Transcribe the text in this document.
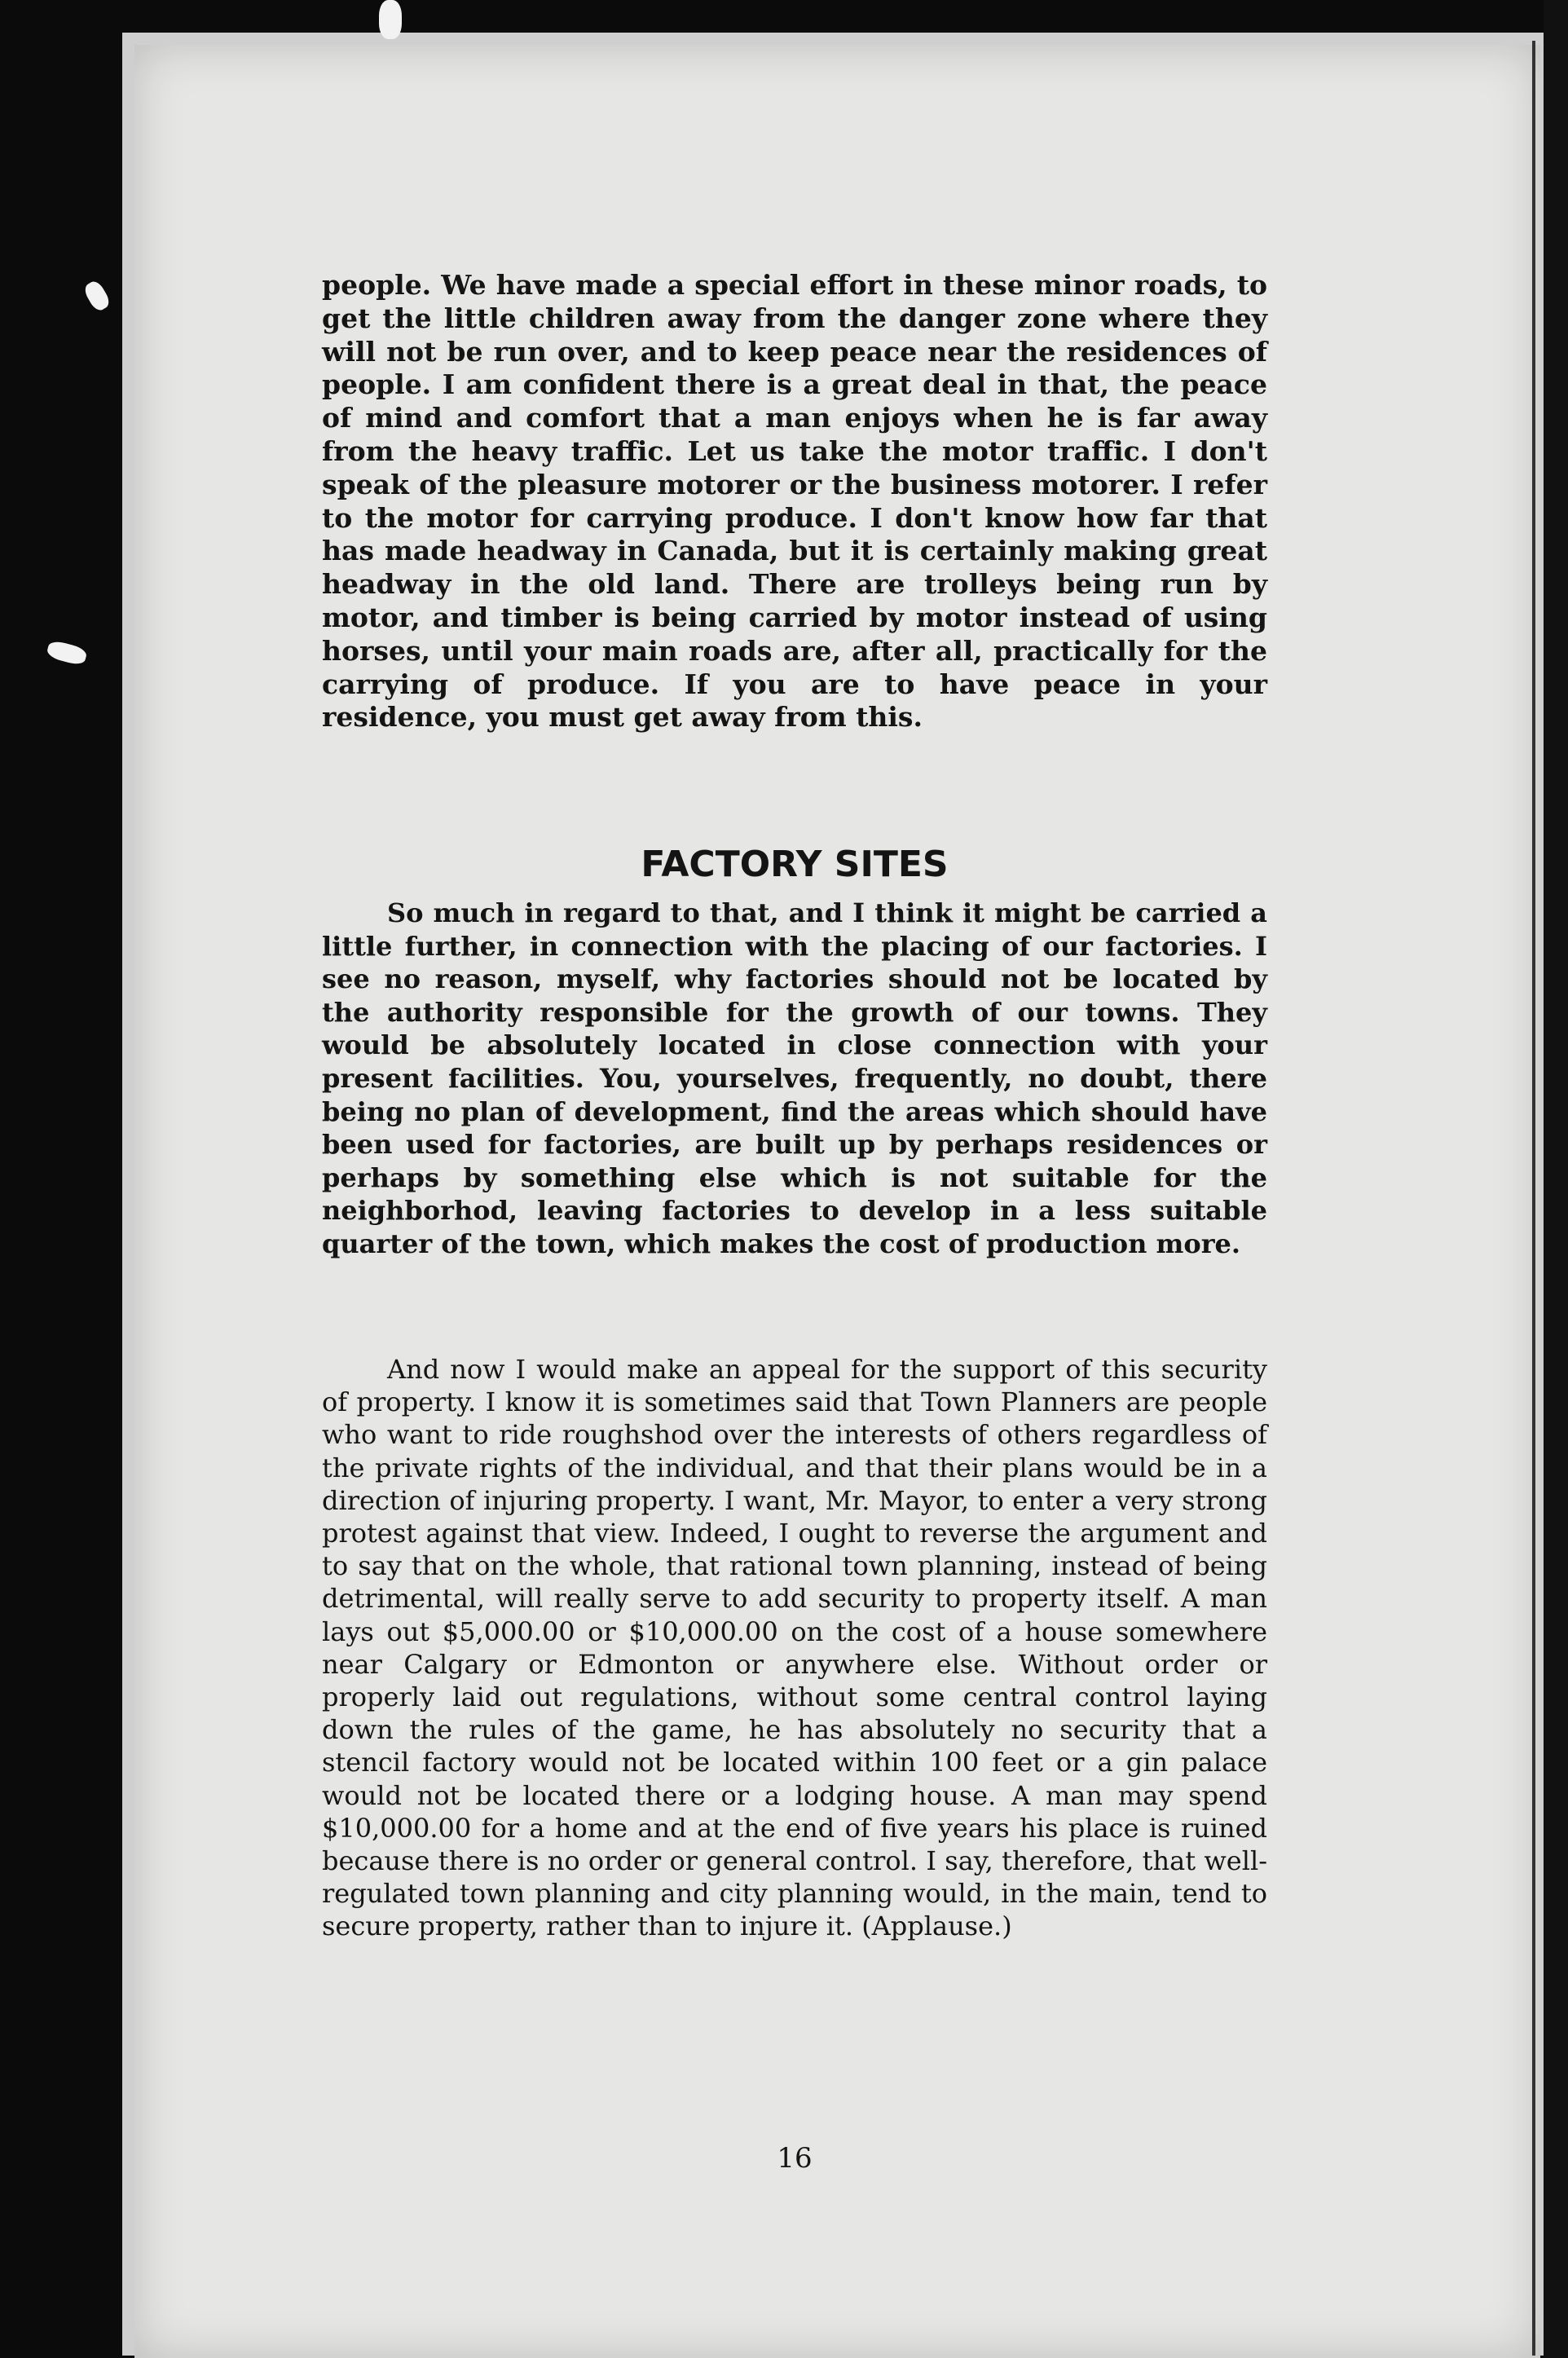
people. We have made a special effort in these minor roads, to get the little children away from the danger zone where they will not be run over, and to keep peace near the residences of people. I am confident there is a great deal in that, the peace of mind and comfort that a man enjoys when he is far away from the heavy traffic. Let us take the motor traffic. I don't speak of the pleasure motorer or the business motorer. I refer to the motor for carrying produce. I don't know how far that has made headway in Canada, but it is certainly making great headway in the old land. There are trolleys being run by motor, and timber is being carried by motor instead of using horses, until your main roads are, after all, practically for the carrying of produce. If you are to have peace in your residence, you must get away from this.

FACTORY SITES

So much in regard to that, and I think it might be carried a little further, in connection with the placing of our factories. I see no reason, myself, why factories should not be located by the authority responsible for the growth of our towns. They would be absolutely located in close connection with your present facilities. You, yourselves, frequently, no doubt, there being no plan of development, find the areas which should have been used for factories, are built up by perhaps residences or perhaps by something else which is not suitable for the neighborhod, leaving factories to develop in a less suitable quarter of the town, which makes the cost of production more.

And now I would make an appeal for the support of this security of property. I know it is sometimes said that Town Planners are people who want to ride roughshod over the interests of others regardless of the private rights of the individual, and that their plans would be in a direction of injuring property. I want, Mr. Mayor, to enter a very strong protest against that view. Indeed, I ought to reverse the argument and to say that on the whole, that rational town planning, instead of being detrimental, will really serve to add security to property itself. A man lays out $5,000.00 or $10,000.00 on the cost of a house somewhere near Calgary or Edmonton or anywhere else. Without order or properly laid out regulations, without some central control laying down the rules of the game, he has absolutely no security that a stencil factory would not be located within 100 feet or a gin palace would not be located there or a lodging house. A man may spend $10,000.00 for a home and at the end of five years his place is ruined because there is no order or general control. I say, therefore, that well-regulated town planning and city planning would, in the main, tend to secure property, rather than to injure it. (Applause.)

16
